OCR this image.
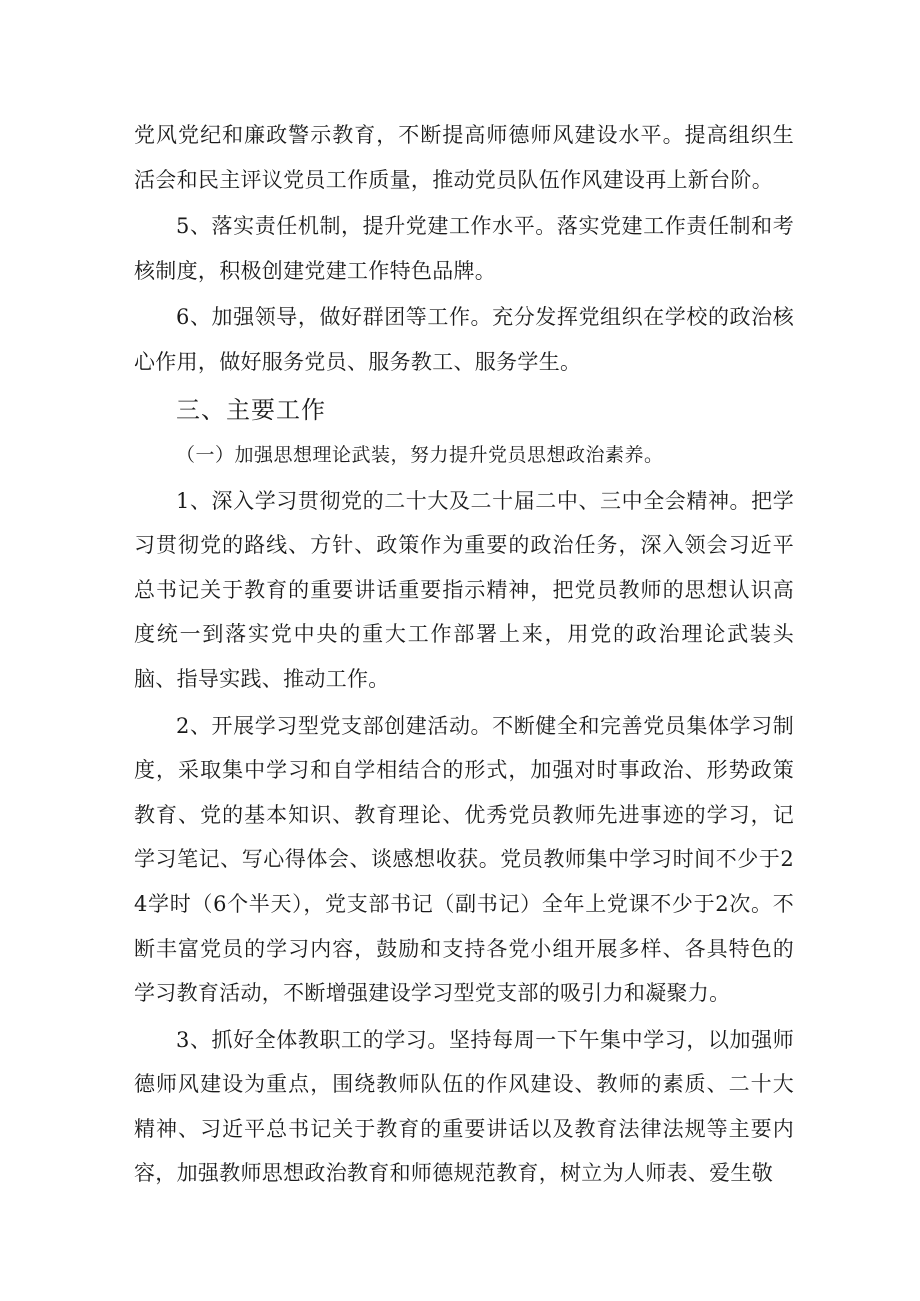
党风党纪和廉政警示教育，不断提高师德师风建设水平。提高组织生活会和民主评议党员工作质量，推动党员队伍作风建设再上新台阶。

5、落实责任机制，提升党建工作水平。落实党建工作责任制和考核制度，积极创建党建工作特色品牌。

6、加强领导，做好群团等工作。充分发挥党组织在学校的政治核心作用，做好服务党员、服务教工、服务学生。

三、主要工作

（一）加强思想理论武装，努力提升党员思想政治素养。

1、深入学习贯彻党的二十大及二十届二中、三中全会精神。把学习贯彻党的路线、方针、政策作为重要的政治任务，深入领会习近平总书记关于教育的重要讲话重要指示精神，把党员教师的思想认识高度统一到落实党中央的重大工作部署上来，用党的政治理论武装头脑、指导实践、推动工作。

2、开展学习型党支部创建活动。不断健全和完善党员集体学习制度，采取集中学习和自学相结合的形式，加强对时事政治、形势政策教育、党的基本知识、教育理论、优秀党员教师先进事迹的学习，记学习笔记、写心得体会、谈感想收获。党员教师集中学习时间不少于24学时（6个半天），党支部书记（副书记）全年上党课不少于2次。不断丰富党员的学习内容，鼓励和支持各党小组开展多样、各具特色的学习教育活动，不断增强建设学习型党支部的吸引力和凝聚力。

3、抓好全体教职工的学习。坚持每周一下午集中学习，以加强师德师风建设为重点，围绕教师队伍的作风建设、教师的素质、二十大精神、习近平总书记关于教育的重要讲话以及教育法律法规等主要内容，加强教师思想政治教育和师德规范教育，树立为人师表、爱生敬
